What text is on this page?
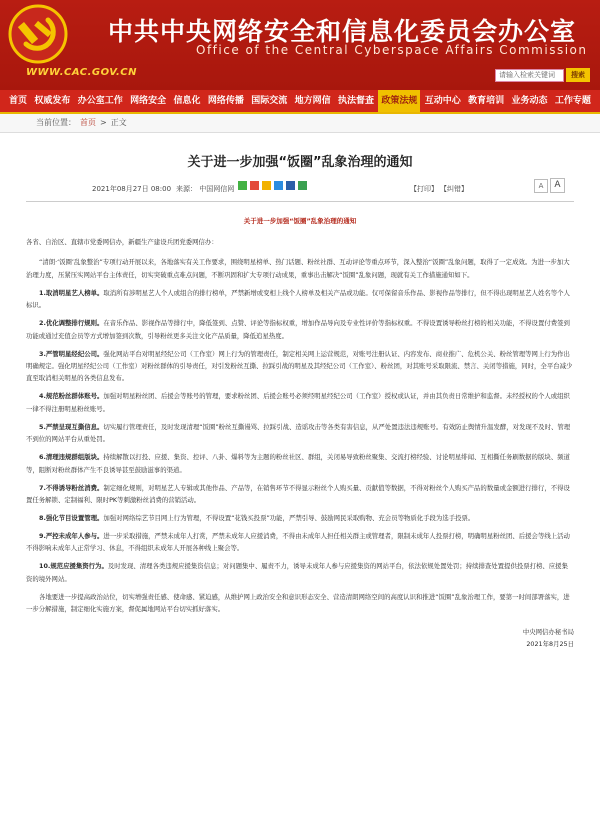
中共中央网络安全和信息化委员会办公室
Office of the Central Cyberspace Affairs Commission
WWW.CAC.GOV.CN	请输入检索关键词	搜索
首页 权威发布 办公室工作 网络安全 信息化 网络传播 国际交流 地方网信 执法督查 政策法规 互动中心 教育培训 业务动态 工作专题
当前位置： 首页 > 正文
关于进一步加强“饭圈”乱象治理的通知
2021年08月27日 08:00 来源： 中国网信网	【打印】 【纠错】	A	A
关于进一步加强“饭圈”乱象治理的通知

各省、自治区、直辖市党委网信办，新疆生产建设兵团党委网信办：

“清朗·‘饭圈’乱象整治”专项行动开展以来，各地落实有关工作要求，围绕明星榜单、热门话题、粉丝社群、互动评论等重点环节，深入整治“饭圈”乱象问题，取得了一定成效。为进一步加大治理力度，压紧压实网站平台主体责任，切实突破重点难点问题，不断巩固和扩大专项行动成果，重事出击解决“饭圈”乱象问题，现就有关工作措施通知如下。

1.取消明星艺人榜单。取消所有涉明星艺人个人或组合的排行榜单，严禁新增或变相上线个人榜单及相关产品或功能。仅可保留音乐作品、影视作品等排行，但不得出现明星艺人姓名等个人标识。

2.优化调整排行规则。在音乐作品、影视作品等排行中，降低签到、点赞、评论等指标权重，增加作品导向及专业性评价等指标权重。不得设置诱导粉丝打榜的相关功能，不得设置付费签到功能或通过充值会员等方式增加签到次数，引导粉丝更多关注文化产品质量，降低追星热度。

3.严管明星经纪公司。强化网站平台对明星经纪公司（工作室）网上行为的管理责任，制定相关网上运营规范，对账号注册认证、内容发布、商业推广、危机公关、粉丝管理等网上行为作出明确规定。强化明星经纪公司（工作室）对粉丝群体的引导责任，对引发粉丝互撕、拉踩引战的明星及其经纪公司（工作室）、粉丝团，对其账号采取限流、禁言、关闭等措施，同时，全平台减少直至取消相关明星的各类信息发布。

4.规范粉丝群体账号。加强对明星粉丝团、后援会等账号的管理，要求粉丝团、后援会账号必须经明星经纪公司（工作室）授权或认证，并由其负责日常维护和监督。未经授权的个人或组织一律不得注册明星粉丝账号。

5.严禁呈现互撕信息。切实履行管理责任，及时发现清理“饭圈”粉丝互撕谩骂、拉踩引战、造谣攻击等各类有害信息，从严处置违法违规账号。有效防止舆情升温发酵，对发现不及时、管理不到位的网站平台从重处罚。

6.清理违规群组版块。持续解散以打投、应援、集资、控评、八卦、爆料等为主题的粉丝社区、群组，关闭易导致粉丝聚集、交流打榜经验、讨论明星绯闻、互相撕任务刷数据的版块、频道等，阻断对粉丝群体产生不良诱导甚至鼓励滋事的渠道。

7.不得诱导粉丝消费。制定细化规则，对明星艺人专辑或其他作品、产品等，在销售环节不得显示粉丝个人购买量、贡献值等数据，不得对粉丝个人购买产品的数量或金额进行排行，不得设置任务解锁、定制福利、限时PK等刺激粉丝消费的营销活动。

8.强化节目设置管理。加强对网络综艺节目网上行为管理，不得设置“花钱买投票”功能，严禁引导、鼓励网民采取购物、充会员等物质化手段为选手投票。

9.严控未成年人参与。进一步采取措施，严禁未成年人打赏，严禁未成年人应援消费，不得由未成年人担任相关群主或管理者，限制未成年人投票打榜，明确明星粉丝团、后援会等线上活动不得影响未成年人正常学习、休息，不得组织未成年人开展各种线上聚会等。

10.规范应援集资行为。及时发现、清理各类违规应援集资信息；对问题集中、履责不力，诱导未成年人参与应援集资的网站平台，依法依规处置处罚；持续排查处置提供投票打榜、应援集资的境外网站。

各地要进一步提高政治站位，切实增强责任感、使命感、紧迫感，从维护网上政治安全和意识形态安全、营造清朗网络空间的高度认识和推进“饭圈”乱象治理工作，要第一时间部署落实，进一步分解措施，制定细化实施方案，督促属地网站平台切实抓好落实。

中央网信办秘书局
2021年8月25日
